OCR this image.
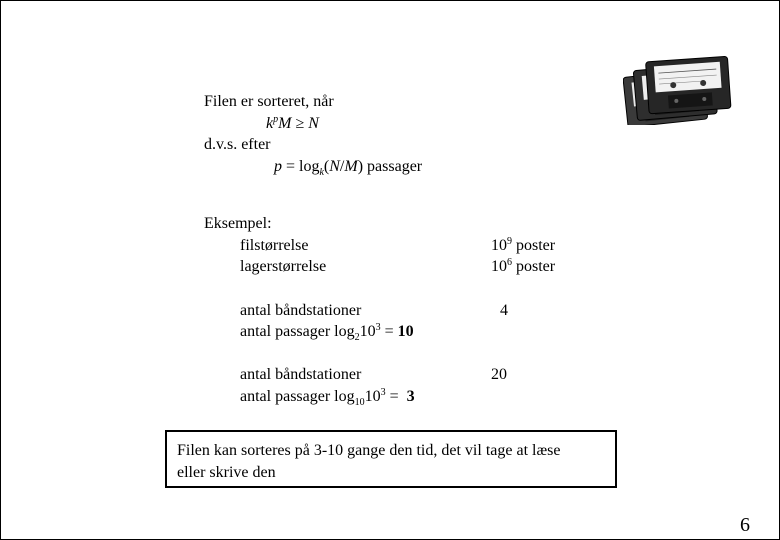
Filen er sorteret, når
$k^pM \ge N$
d.v.s. efter
$p = \log_k(N/M)$ passager
Eksempel:
filstørrelse	$10^9$ poster
lagerstørrelse	$10^6$ poster
antal båndstationer	4
antal passager $\log_210^3 = 10$
antal båndstationer	20
antal passager $\log_{10}10^3 = 3$
Filen kan sorteres på 3-10 gange den tid, det vil tage at læse
eller skrive den
6
